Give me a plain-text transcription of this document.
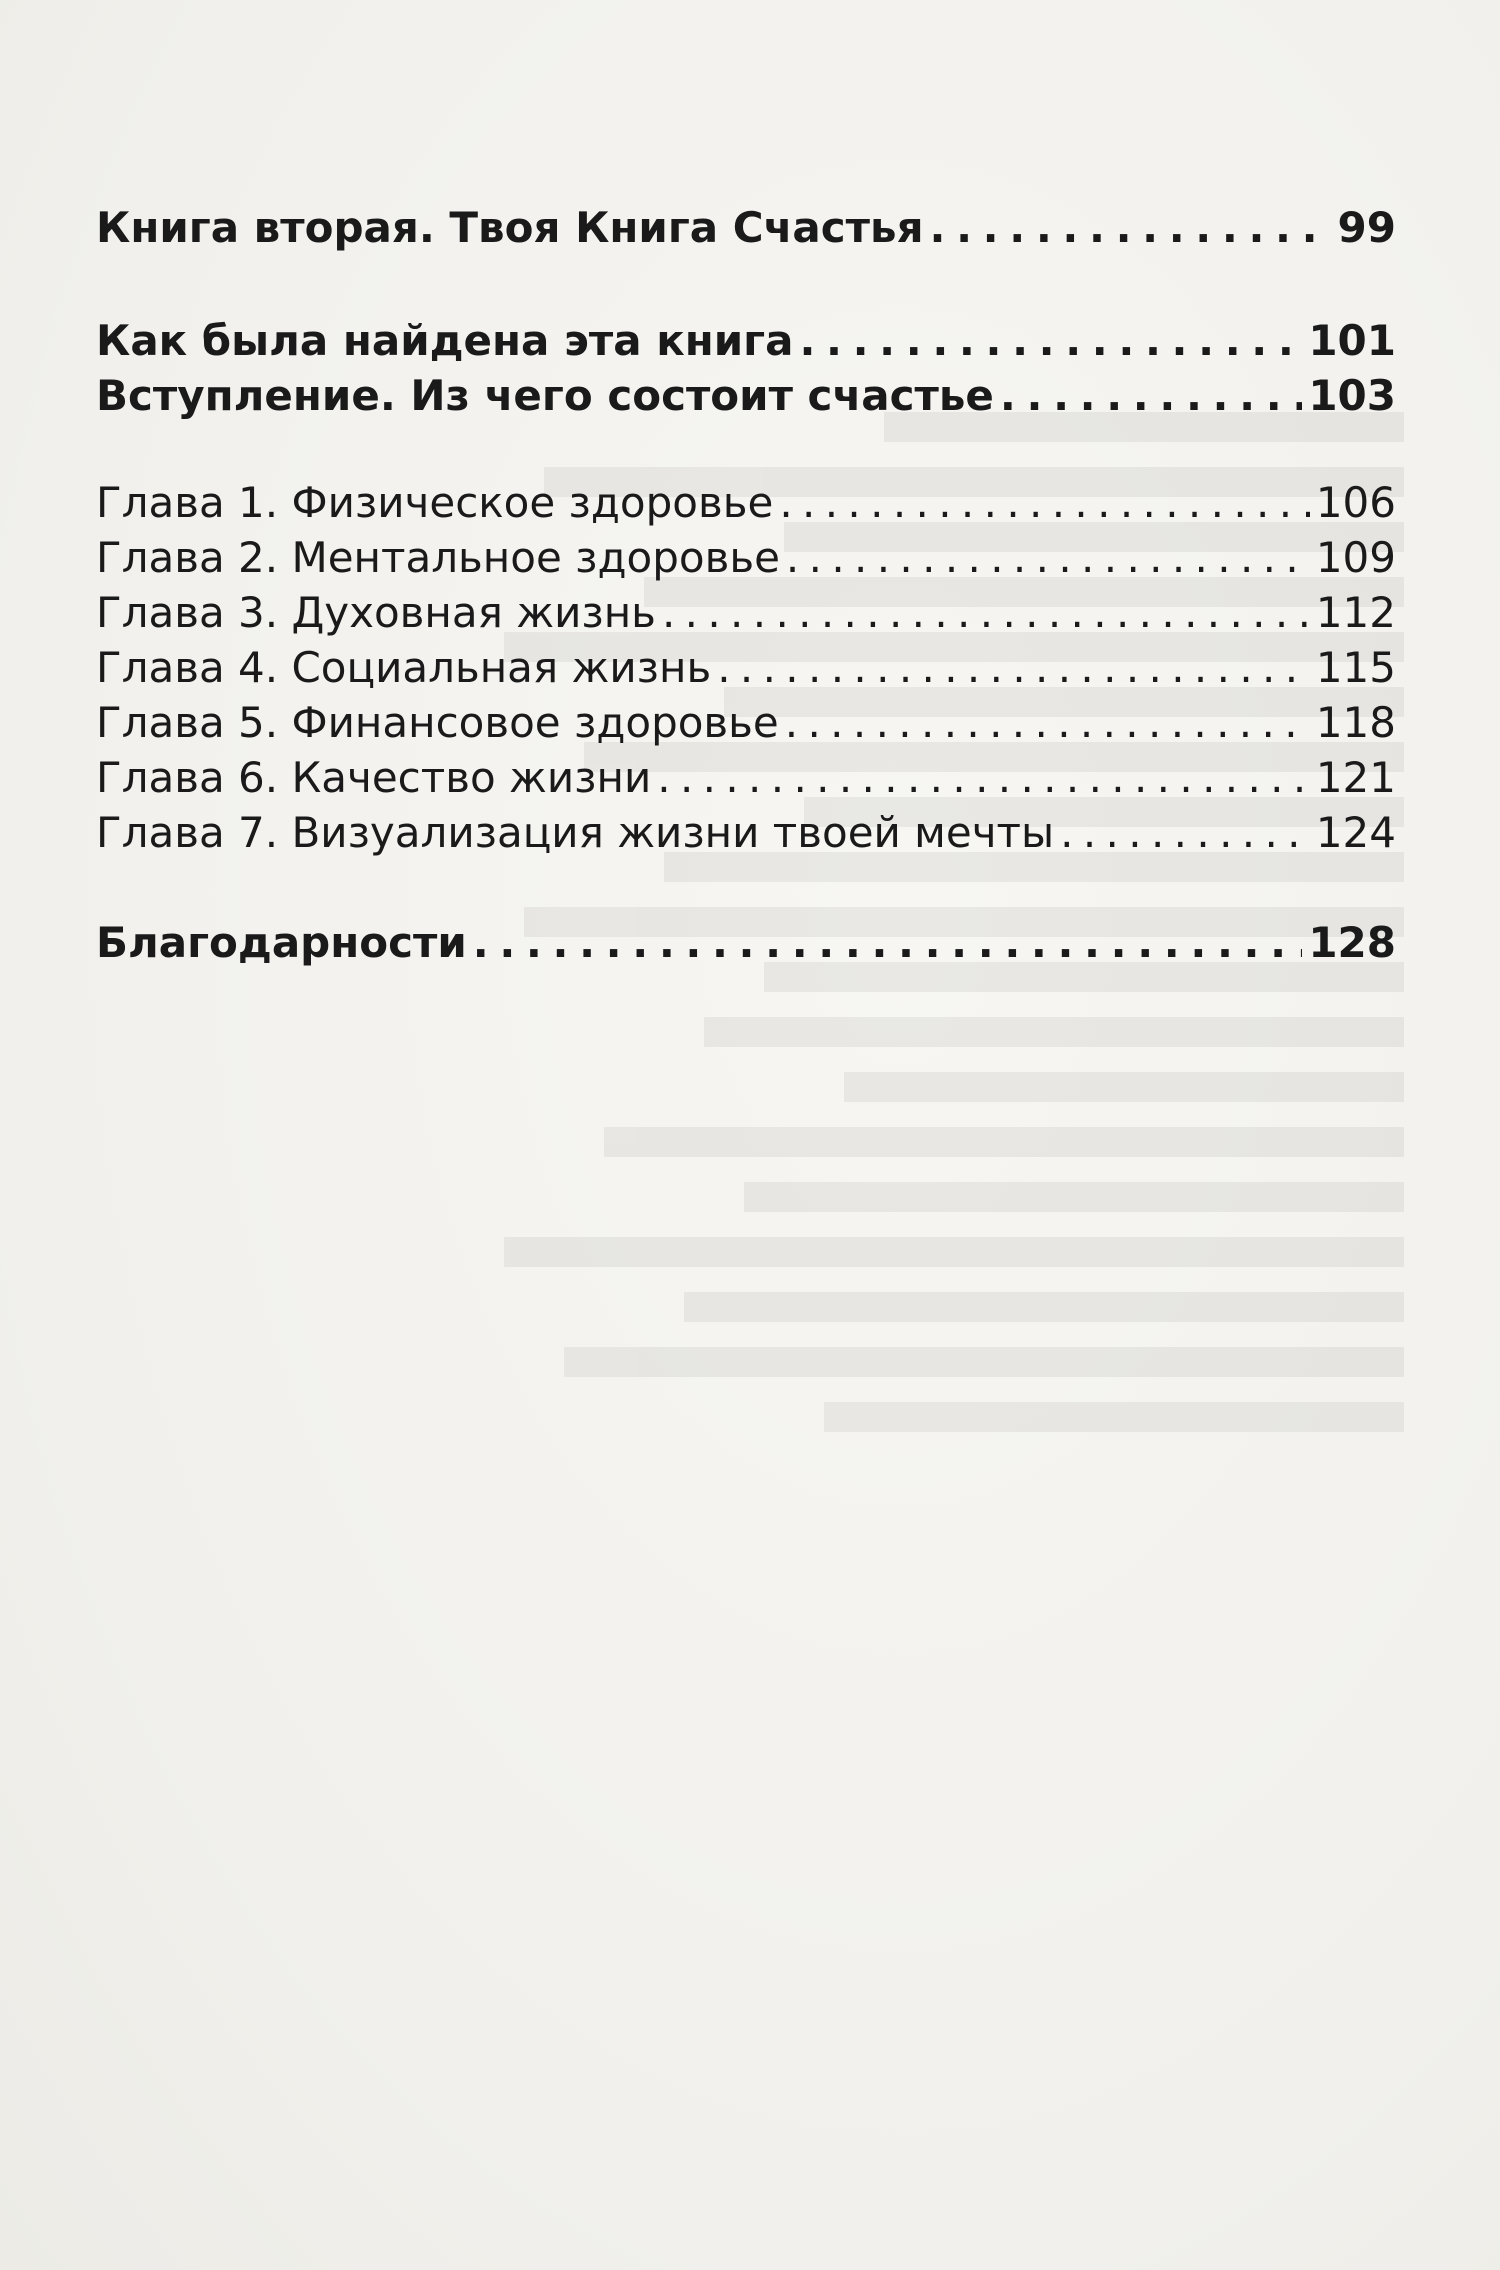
Книга вторая. Твоя Книга Счастья . . .	99
Как была найдена эта книга . . .	101
Вступление. Из чего состоит счастье . . .	103
Глава 1. Физическое здоровье . . .	106
Глава 2. Ментальное здоровье . . .	109
Глава 3. Духовная жизнь . . .	112
Глава 4. Социальная жизнь . . .	115
Глава 5. Финансовое здоровье . . .	118
Глава 6. Качество жизни . . .	121
Глава 7. Визуализация жизни твоей мечты . . .	124
Благодарности . . .	128
